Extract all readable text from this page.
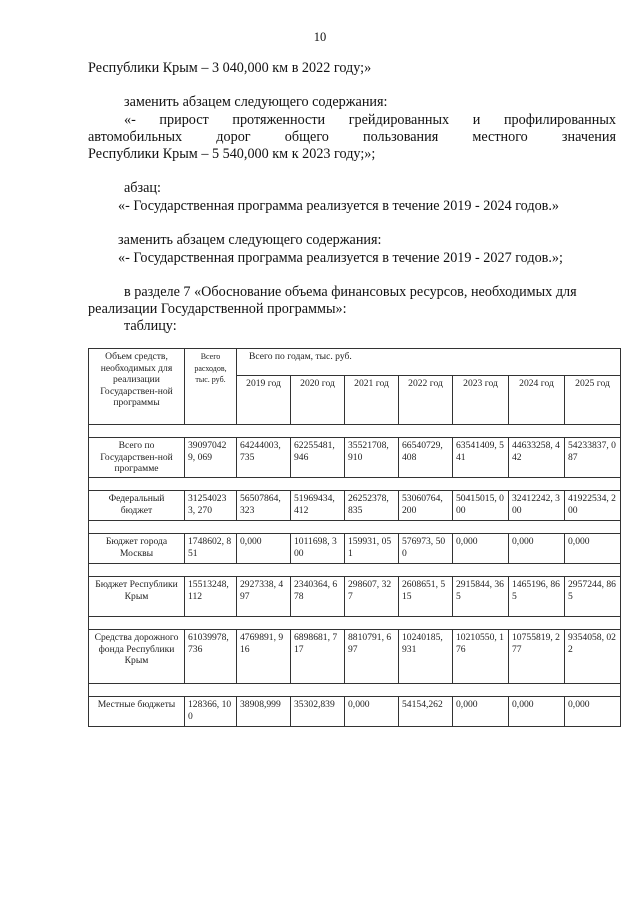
10
Республики Крым – 3 040,000 км в 2022 году;»
заменить абзацем следующего содержания:
«- прирост протяженности грейдированных и профилированных
автомобильных дорог общего пользования местного значения
Республики Крым – 5 540,000 км к 2023 году;»;
абзац:
«- Государственная программа реализуется в течение 2019 - 2024 годов.»
заменить абзацем следующего содержания:
«- Государственная программа реализуется в течение 2019 - 2027 годов.»;
в разделе 7 «Обоснование объема финансовых ресурсов, необходимых для
реализации Государственной программы»:
таблицу:
Объем средств, необходимых для реализации Государствен-ной программы	Всего расходов, тыс. руб.	Всего по годам, тыс. руб.						
		2019 год	2020 год	2021 год	2022 год	2023 год	2024 год	2025 год

Всего по Государствен-ной программе	390970429, 069	64244003, 735	62255481, 946	35521708, 910	66540729, 408	63541409, 541	44633258, 442	54233837, 087

Федеральный бюджет	312540233, 270	56507864, 323	51969434, 412	26252378, 835	53060764, 200	50415015, 000	32412242, 300	41922534, 200

Бюджет города Москвы	1748602, 851	0,000	1011698, 300	159931, 051	576973, 500	0,000	0,000	0,000

Бюджет Республики Крым	15513248, 112	2927338, 497	2340364, 678	298607, 327	2608651, 515	2915844, 365	1465196, 865	2957244, 865

Средства дорожного фонда Республики Крым	61039978, 736	4769891, 916	6898681, 717	8810791, 697	10240185, 931	10210550, 176	10755819, 277	9354058, 022

Местные бюджеты	128366, 100	38908,999	35302,839	0,000	54154,262	0,000	0,000	0,000
